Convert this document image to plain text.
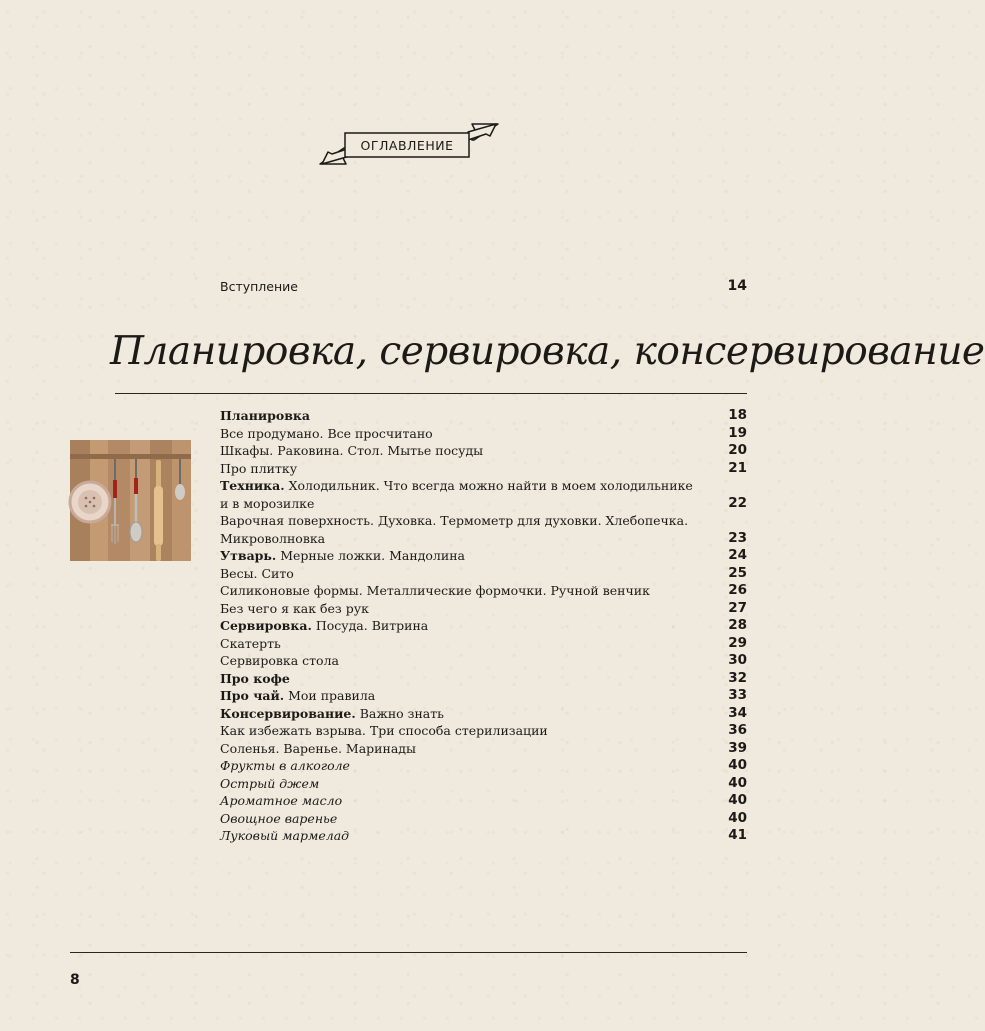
ОГЛАВЛЕНИЕ
Вступление	14
Планировка, сервировка, консервирование
Планировка	18
Все продумано. Все просчитано	19
Шкафы. Раковина. Стол. Мытье посуды	20
Про плитку	21
Техника. Холодильник. Что всегда можно найти в моем холодильнике и в морозилке	22
Варочная поверхность. Духовка. Термометр для духовки. Хлебопечка. Микроволновка	23
Утварь. Мерные ложки. Мандолина	24
Весы. Сито	25
Силиконовые формы. Металлические формочки. Ручной венчик	26
Без чего я как без рук	27
Сервировка. Посуда. Витрина	28
Скатерть	29
Сервировка стола	30
Про кофе	32
Про чай. Мои правила	33
Консервирование. Важно знать	34
Как избежать взрыва. Три способа стерилизации	36
Соленья. Варенье. Маринады	39
Фрукты в алкоголе	40
Острый джем	40
Ароматное масло	40
Овощное варенье	40
Луковый мармелад	41
8
